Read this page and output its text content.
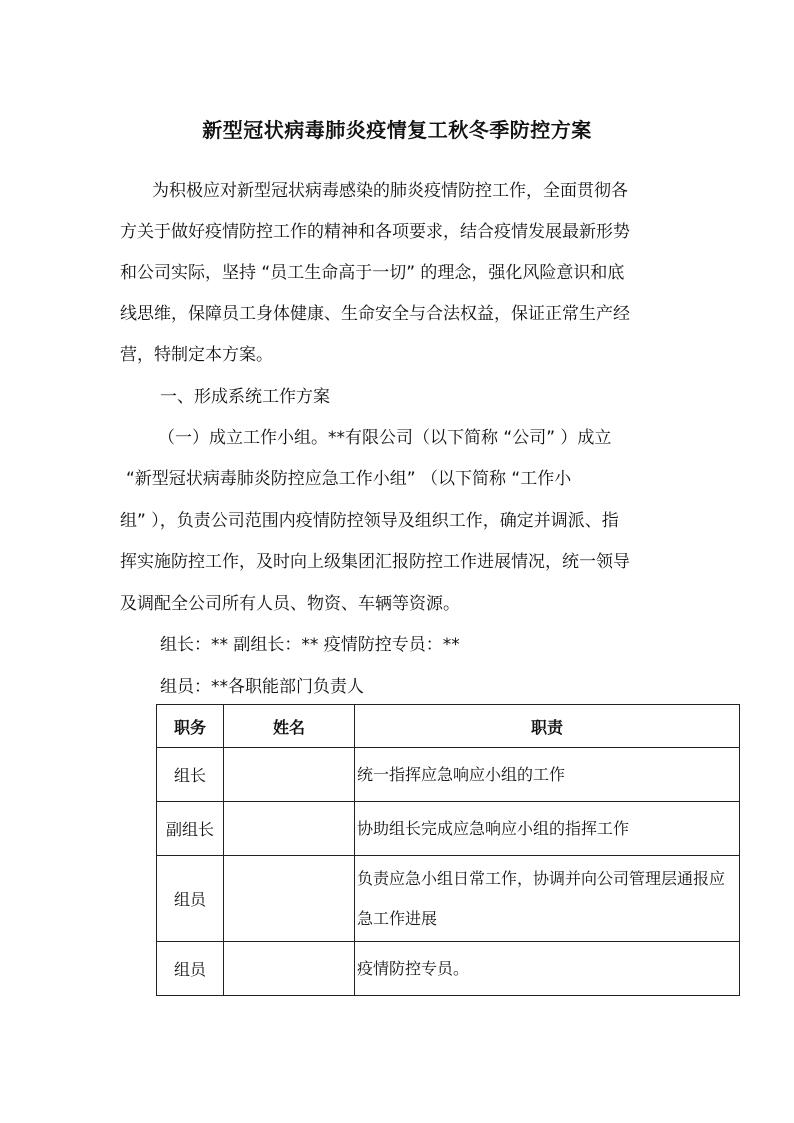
新型冠状病毒肺炎疫情复工秋冬季防控方案
为积极应对新型冠状病毒感染的肺炎疫情防控工作，全面贯彻各
方关于做好疫情防控工作的精神和各项要求，结合疫情发展最新形势
和公司实际，坚持 “员工生命高于一切” 的理念，强化风险意识和底
线思维，保障员工身体健康、生命安全与合法权益，保证正常生产经
营，特制定本方案。
一、形成系统工作方案
（一）成立工作小组。**有限公司（以下简称 “公司” ）成立
“新型冠状病毒肺炎防控应急工作小组” （以下简称 “工作小
组” ），负责公司范围内疫情防控领导及组织工作，确定并调派、指
挥实施防控工作，及时向上级集团汇报防控工作进展情况，统一领导
及调配全公司所有人员、物资、车辆等资源。
组长：** 副组长：** 疫情防控专员：**
组员：**各职能部门负责人
职务	姓名	职责
组长		统一指挥应急响应小组的工作
副组长		协助组长完成应急响应小组的指挥工作
组员		负责应急小组日常工作，协调并向公司管理层通报应急工作进展
组员		疫情防控专员。
